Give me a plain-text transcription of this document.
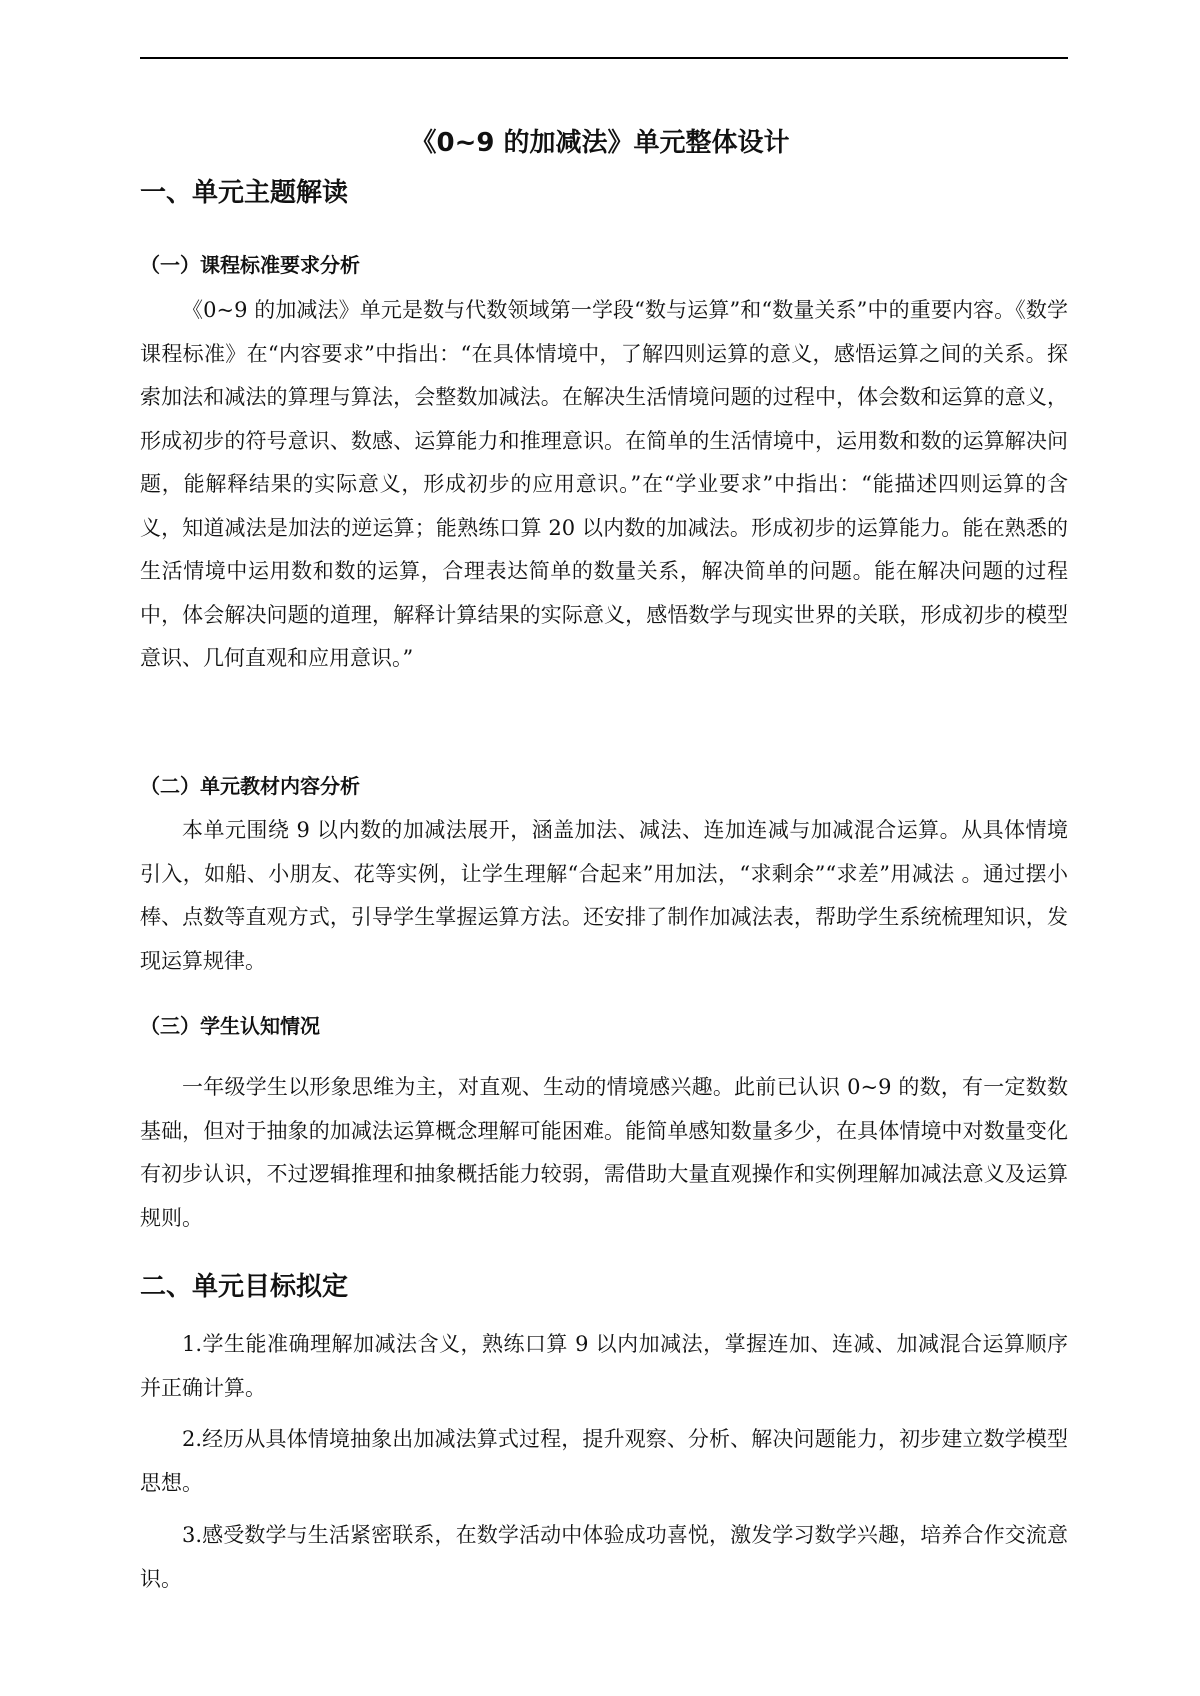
《0~9 的加减法》单元整体设计
一、单元主题解读
（一）课程标准要求分析

《0~9 的加减法》单元是数与代数领域第一学段“数与运算”和“数量关系”中的重要内容。《数学课程标准》在“内容要求”中指出：“在具体情境中，了解四则运算的意义，感悟运算之间的关系。探索加法和减法的算理与算法，会整数加减法。在解决生活情境问题的过程中，体会数和运算的意义，形成初步的符号意识、数感、运算能力和推理意识。在简单的生活情境中，运用数和数的运算解决问题，能解释结果的实际意义，形成初步的应用意识。”在“学业要求”中指出：“能描述四则运算的含义，知道减法是加法的逆运算；能熟练口算 20 以内数的加减法。形成初步的运算能力。能在熟悉的生活情境中运用数和数的运算，合理表达简单的数量关系，解决简单的问题。能在解决问题的过程中，体会解决问题的道理，解释计算结果的实际意义，感悟数学与现实世界的关联，形成初步的模型意识、几何直观和应用意识。”

（二）单元教材内容分析

本单元围绕 9 以内数的加减法展开，涵盖加法、减法、连加连减与加减混合运算。从具体情境引入，如船、小朋友、花等实例，让学生理解“合起来”用加法，“求剩余”“求差”用减法 。通过摆小棒、点数等直观方式，引导学生掌握运算方法。还安排了制作加减法表，帮助学生系统梳理知识，发现运算规律。

（三）学生认知情况

一年级学生以形象思维为主，对直观、生动的情境感兴趣。此前已认识 0~9 的数，有一定数数基础，但对于抽象的加减法运算概念理解可能困难。能简单感知数量多少，在具体情境中对数量变化有初步认识，不过逻辑推理和抽象概括能力较弱，需借助大量直观操作和实例理解加减法意义及运算规则。

二、单元目标拟定

1.学生能准确理解加减法含义，熟练口算 9 以内加减法，掌握连加、连减、加减混合运算顺序并正确计算。

2.经历从具体情境抽象出加减法算式过程，提升观察、分析、解决问题能力，初步建立数学模型思想。

3.感受数学与生活紧密联系，在数学活动中体验成功喜悦，激发学习数学兴趣，培养合作交流意识。
